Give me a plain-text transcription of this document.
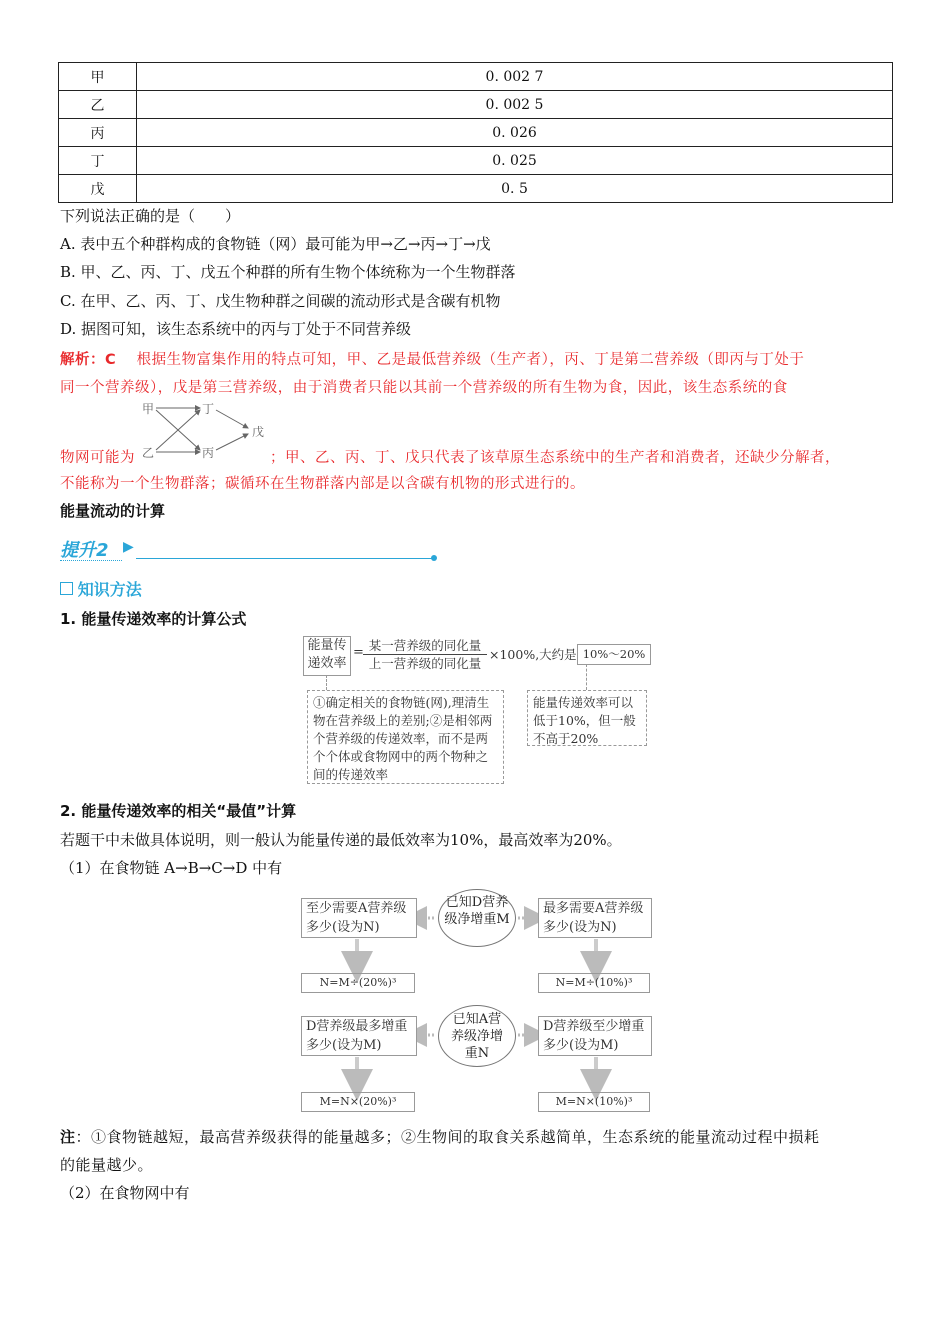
甲	0. 002 7
乙	0. 002 5
丙	0. 026
丁	0. 025
戊	0. 5
下列说法正确的是（　　）
A. 表中五个种群构成的食物链（网）最可能为甲→乙→丙→丁→戊
B. 甲、乙、丙、丁、戊五个种群的所有生物个体统称为一个生物群落
C. 在甲、乙、丙、丁、戊生物种群之间碳的流动形式是含碳有机物
D. 据图可知，该生态系统中的丙与丁处于不同营养级
解析：C 根据生物富集作用的特点可知，甲、乙是最低营养级（生产者），丙、丁是第二营养级（即丙与丁处于
同一个营养级），戊是第三营养级，由于消费者只能以其前一个营养级的所有生物为食，因此，该生态系统的食
甲
乙
丁
丙
戊
物网可能为	；甲、乙、丙、丁、戊只代表了该草原生态系统中的生产者和消费者，还缺少分解者，
不能称为一个生物群落；碳循环在生物群落内部是以含碳有机物的形式进行的。
能量流动的计算
提升2 ▶
知识方法
1. 能量传递效率的计算公式
能量传递效率
= 某一营养级的同化量
上一营养级的同化量
×100%,大约是 10%～20%
①确定相关的食物链(网),理清生物在营养级上的差别;②是相邻两个营养级的传递效率，而不是两个个体或食物网中的两个物种之间的传递效率
能量传递效率可以低于10%，但一般不高于20%
2. 能量传递效率的相关“最值”计算
若题干中未做具体说明，则一般认为能量传递的最低效率为10%，最高效率为20%。
（1）在食物链 A→B→C→D 中有
至少需要A营养级多少(设为N)
已知D营养级净增重M
最多需要A营养级多少(设为N)
N=M÷(20%)³	N=M÷(10%)³
D营养级最多增重多少(设为M)
已知A营养级净增重N
D营养级至少增重多少(设为M)
M=N×(20%)³	M=N×(10%)³
注：①食物链越短，最高营养级获得的能量越多；②生物间的取食关系越简单，生态系统的能量流动过程中损耗
的能量越少。
（2）在食物网中有
